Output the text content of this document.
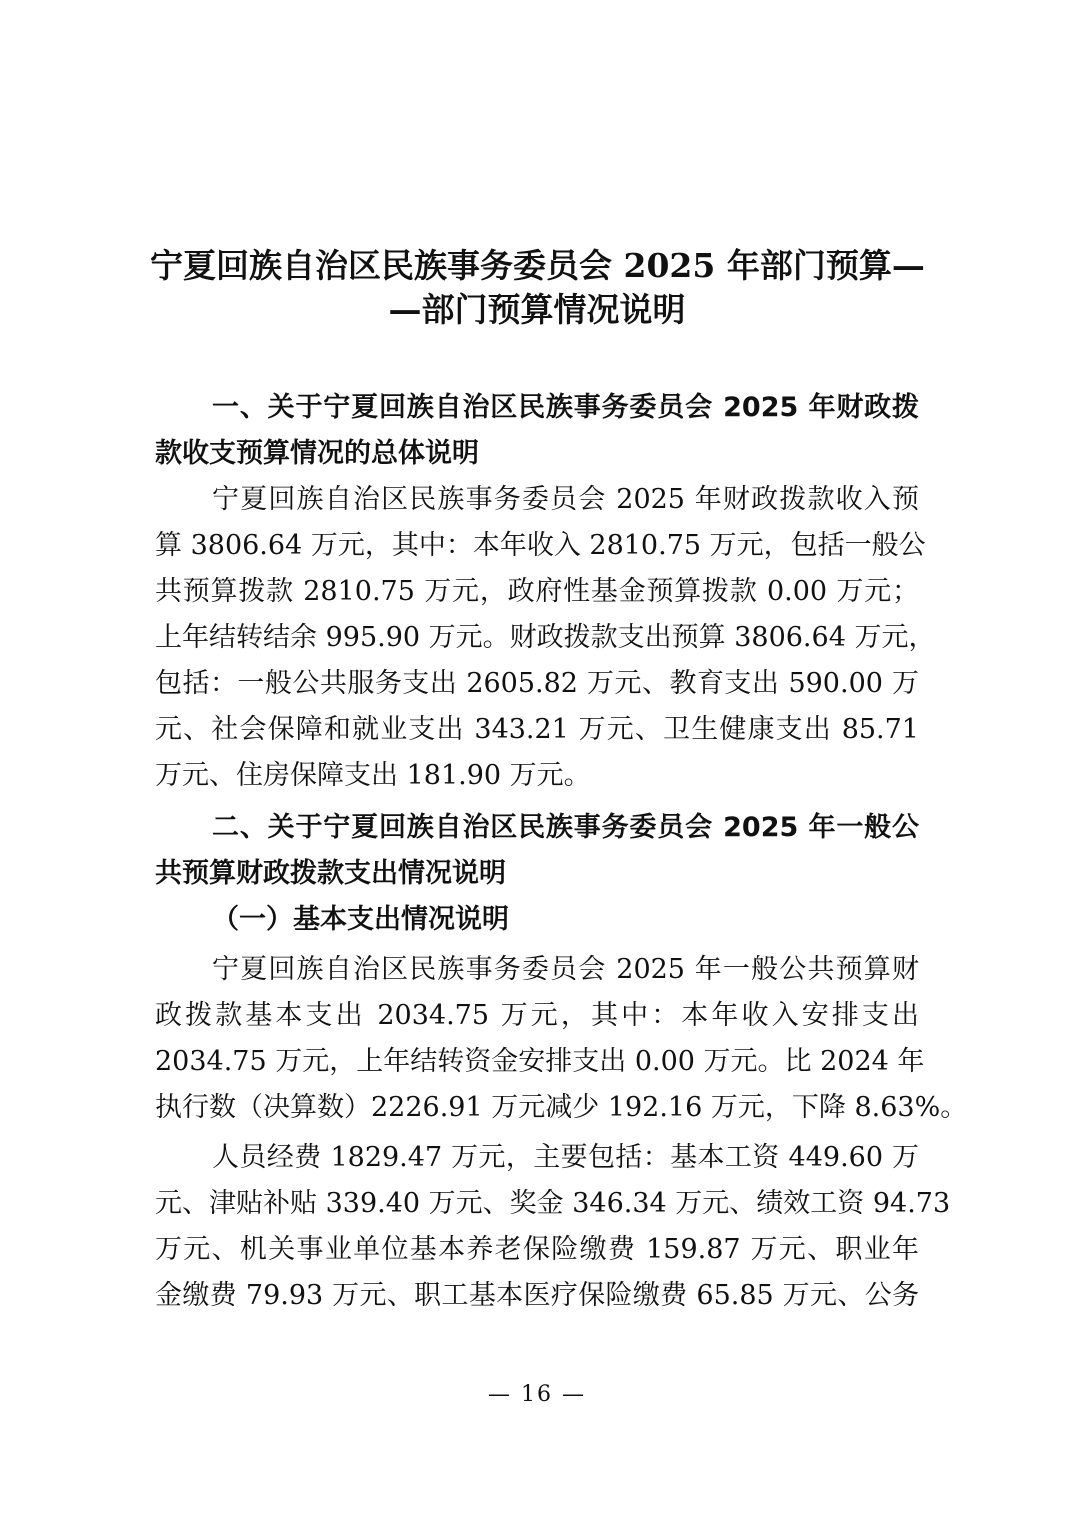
宁夏回族自治区民族事务委员会 2025 年部门预算—
—部门预算情况说明
一、关于宁夏回族自治区民族事务委员会 2025 年财政拨
款收支预算情况的总体说明
宁夏回族自治区民族事务委员会 2025 年财政拨款收入预
算 3806.64 万元，其中：本年收入 2810.75 万元，包括一般公
共预算拨款 2810.75 万元，政府性基金预算拨款 0.00 万元；
上年结转结余 995.90 万元。财政拨款支出预算 3806.64 万元，
包括：一般公共服务支出 2605.82 万元、教育支出 590.00 万
元、社会保障和就业支出 343.21 万元、卫生健康支出 85.71
万元、住房保障支出 181.90 万元。
二、关于宁夏回族自治区民族事务委员会 2025 年一般公
共预算财政拨款支出情况说明
（一）基本支出情况说明
宁夏回族自治区民族事务委员会 2025 年一般公共预算财
政拨款基本支出 2034.75 万元，其中：本年收入安排支出
2034.75 万元，上年结转资金安排支出 0.00 万元。比 2024 年
执行数（决算数）2226.91 万元减少 192.16 万元，下降 8.63%。
人员经费 1829.47 万元，主要包括：基本工资 449.60 万
元、津贴补贴 339.40 万元、奖金 346.34 万元、绩效工资 94.73
万元、机关事业单位基本养老保险缴费 159.87 万元、职业年
金缴费 79.93 万元、职工基本医疗保险缴费 65.85 万元、公务
— 16 —
